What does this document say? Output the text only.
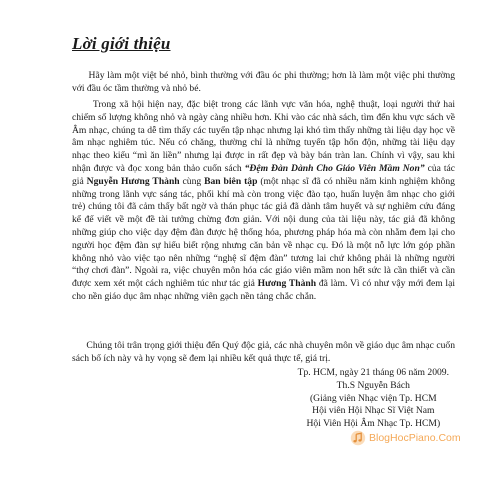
Lời giới thiệu

Hãy làm một việt bé nhỏ, bình thường với đầu óc phi thường; hơn là làm một việc phi thường với đầu óc tầm thường và nhỏ bé.

Trong xã hội hiện nay, đặc biệt trong các lãnh vực văn hóa, nghệ thuật, loại người thứ hai chiếm số lượng không nhỏ và ngày càng nhiều hơn. Khi vào các nhà sách, tìm đến khu vực sách về Âm nhạc, chúng ta dễ tìm thấy các tuyển tập nhạc nhưng lại khó tìm thấy những tài liệu dạy học về âm nhạc nghiêm túc. Nếu có chăng, thường chỉ là những tuyển tập hổn độn, những tài liệu dạy nhạc theo kiểu “mì ăn liền” nhưng lại được in rất đẹp và bày bán tràn lan. Chính vì vậy, sau khi nhận được và đọc xong bản thảo cuốn sách “Đệm Đàn Dành Cho Giáo Viên Mầm Non” của tác giả Nguyễn Hương Thành cùng Ban biên tập (một nhạc sĩ đã có nhiều năm kinh nghiệm không những trong lãnh vực sáng tác, phối khí mà còn trong việc đào tạo, huấn luyện âm nhạc cho giới trẻ) chúng tôi đã cảm thấy bất ngờ và thán phục tác giả đã dành tâm huyết và sự nghiêm cứu đáng kể để viết về một đề tài tưởng chừng đơn giản. Với nội dung của tài liệu này, tác giả đã không những giúp cho việc dạy đệm đàn được hệ thống hóa, phương pháp hóa mà còn nhằm đem lại cho người học đệm đàn sự hiểu biết rộng nhưng căn bản về nhạc cụ. Đó là một nỗ lực lớn góp phần không nhỏ vào việc tạo nên những “nghệ sĩ đệm đàn” tương lai chứ không phải là những người “thợ chơi đàn”. Ngoài ra, việc chuyên môn hóa các giáo viên mầm non hết sức là cần thiết và cần được xem xét một cách nghiêm túc như tác giả Hương Thành đã làm. Vì có như vậy mới đem lại cho nền giáo dục âm nhạc những viên gạch nền tảng chắc chắn.

Chúng tôi trân trọng giới thiệu đến Quý độc giả, các nhà chuyên môn về giáo dục âm nhạc cuốn sách bổ ích này và hy vọng sẽ đem lại nhiều kết quả thực tế, giá trị.

Tp. HCM, ngày 21 tháng 06 năm 2009.
Th.S Nguyễn Bách
(Giảng viên Nhạc viện Tp. HCM
Hội viên Hội Nhạc Sĩ Việt Nam
Hội Viên Hội Âm Nhạc Tp. HCM)
BlogHocPiano.Com
